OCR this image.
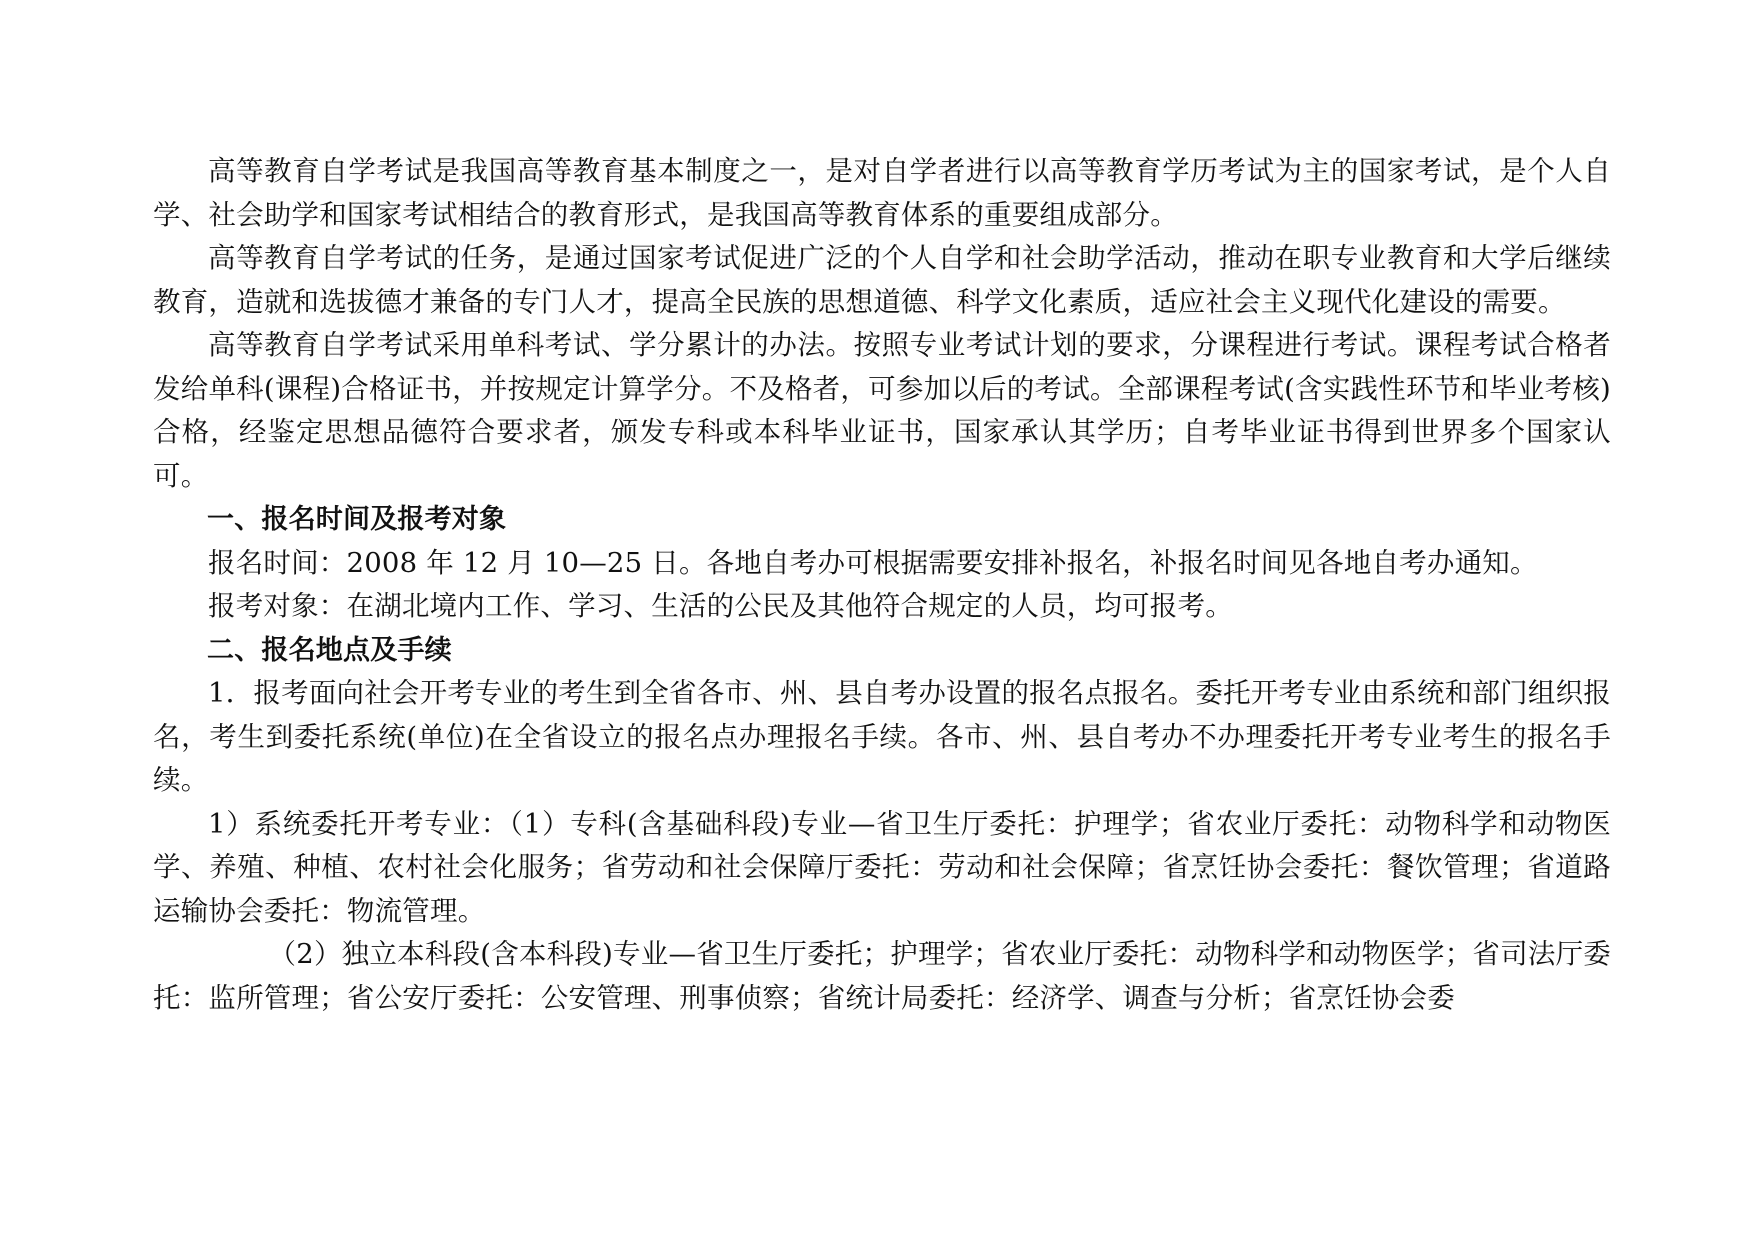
高等教育自学考试是我国高等教育基本制度之一，是对自学者进行以高等教育学历考试为主的国家考试，是个人自学、社会助学和国家考试相结合的教育形式，是我国高等教育体系的重要组成部分。

高等教育自学考试的任务，是通过国家考试促进广泛的个人自学和社会助学活动，推动在职专业教育和大学后继续教育，造就和选拔德才兼备的专门人才，提高全民族的思想道德、科学文化素质，适应社会主义现代化建设的需要。

高等教育自学考试采用单科考试、学分累计的办法。按照专业考试计划的要求，分课程进行考试。课程考试合格者发给单科(课程)合格证书，并按规定计算学分。不及格者，可参加以后的考试。全部课程考试(含实践性环节和毕业考核)合格，经鉴定思想品德符合要求者，颁发专科或本科毕业证书，国家承认其学历；自考毕业证书得到世界多个国家认可。

一、报名时间及报考对象

报名时间：2008 年 12 月 10—25 日。各地自考办可根据需要安排补报名，补报名时间见各地自考办通知。

报考对象：在湖北境内工作、学习、生活的公民及其他符合规定的人员，均可报考。

二、报名地点及手续

1．报考面向社会开考专业的考生到全省各市、州、县自考办设置的报名点报名。委托开考专业由系统和部门组织报名，考生到委托系统(单位)在全省设立的报名点办理报名手续。各市、州、县自考办不办理委托开考专业考生的报名手续。

1）系统委托开考专业：（1）专科(含基础科段)专业—省卫生厅委托：护理学；省农业厅委托：动物科学和动物医学、养殖、种植、农村社会化服务；省劳动和社会保障厅委托：劳动和社会保障；省烹饪协会委托：餐饮管理；省道路运输协会委托：物流管理。

（2）独立本科段(含本科段)专业—省卫生厅委托；护理学；省农业厅委托：动物科学和动物医学；省司法厅委托：监所管理；省公安厅委托：公安管理、刑事侦察；省统计局委托：经济学、调查与分析；省烹饪协会委
